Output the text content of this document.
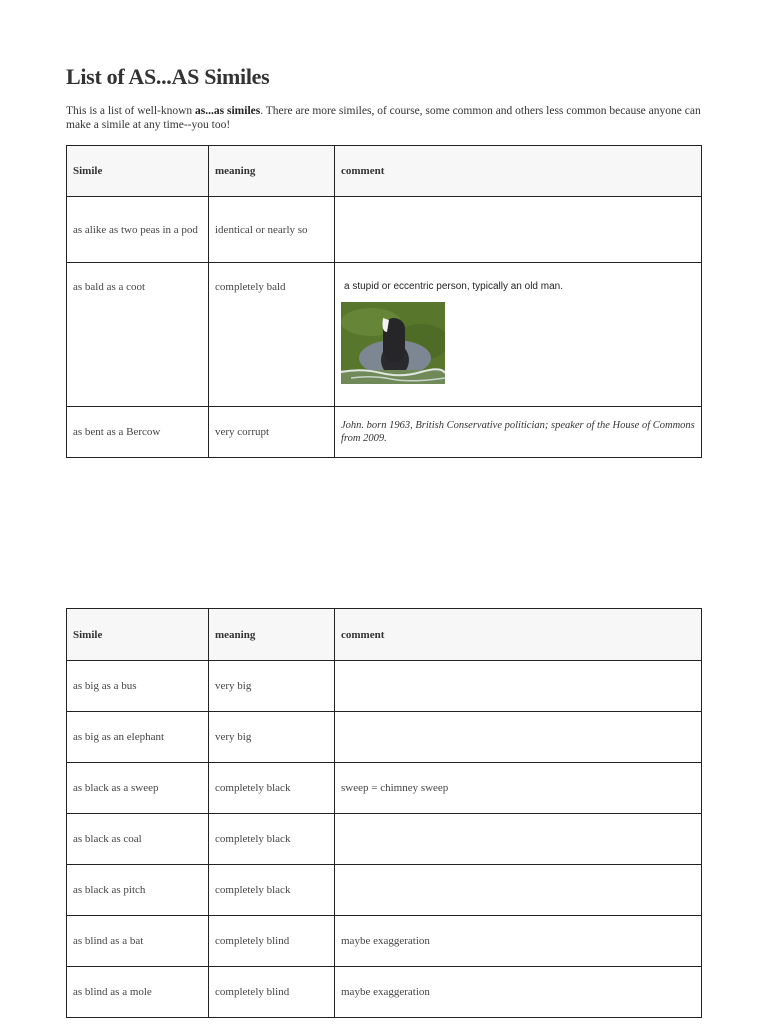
List of AS...AS Similes

This is a list of well-known as...as similes. There are more similes, of course, some common and others less common because anyone can make a simile at any time--you too!

Simile	meaning	comment
as alike as two peas in a pod	identical or nearly so	
as bald as a coot	completely bald	a stupid or eccentric person, typically an old man.

as bent as a Bercow	very corrupt	John. born 1963, British Conservative politician; speaker of the House of Commons from 2009.
Simile	meaning	comment
as big as a bus	very big	
as big as an elephant	very big	
as black as a sweep	completely black	sweep = chimney sweep
as black as coal	completely black	
as black as pitch	completely black	
as blind as a bat	completely blind	maybe exaggeration
as blind as a mole	completely blind	maybe exaggeration
